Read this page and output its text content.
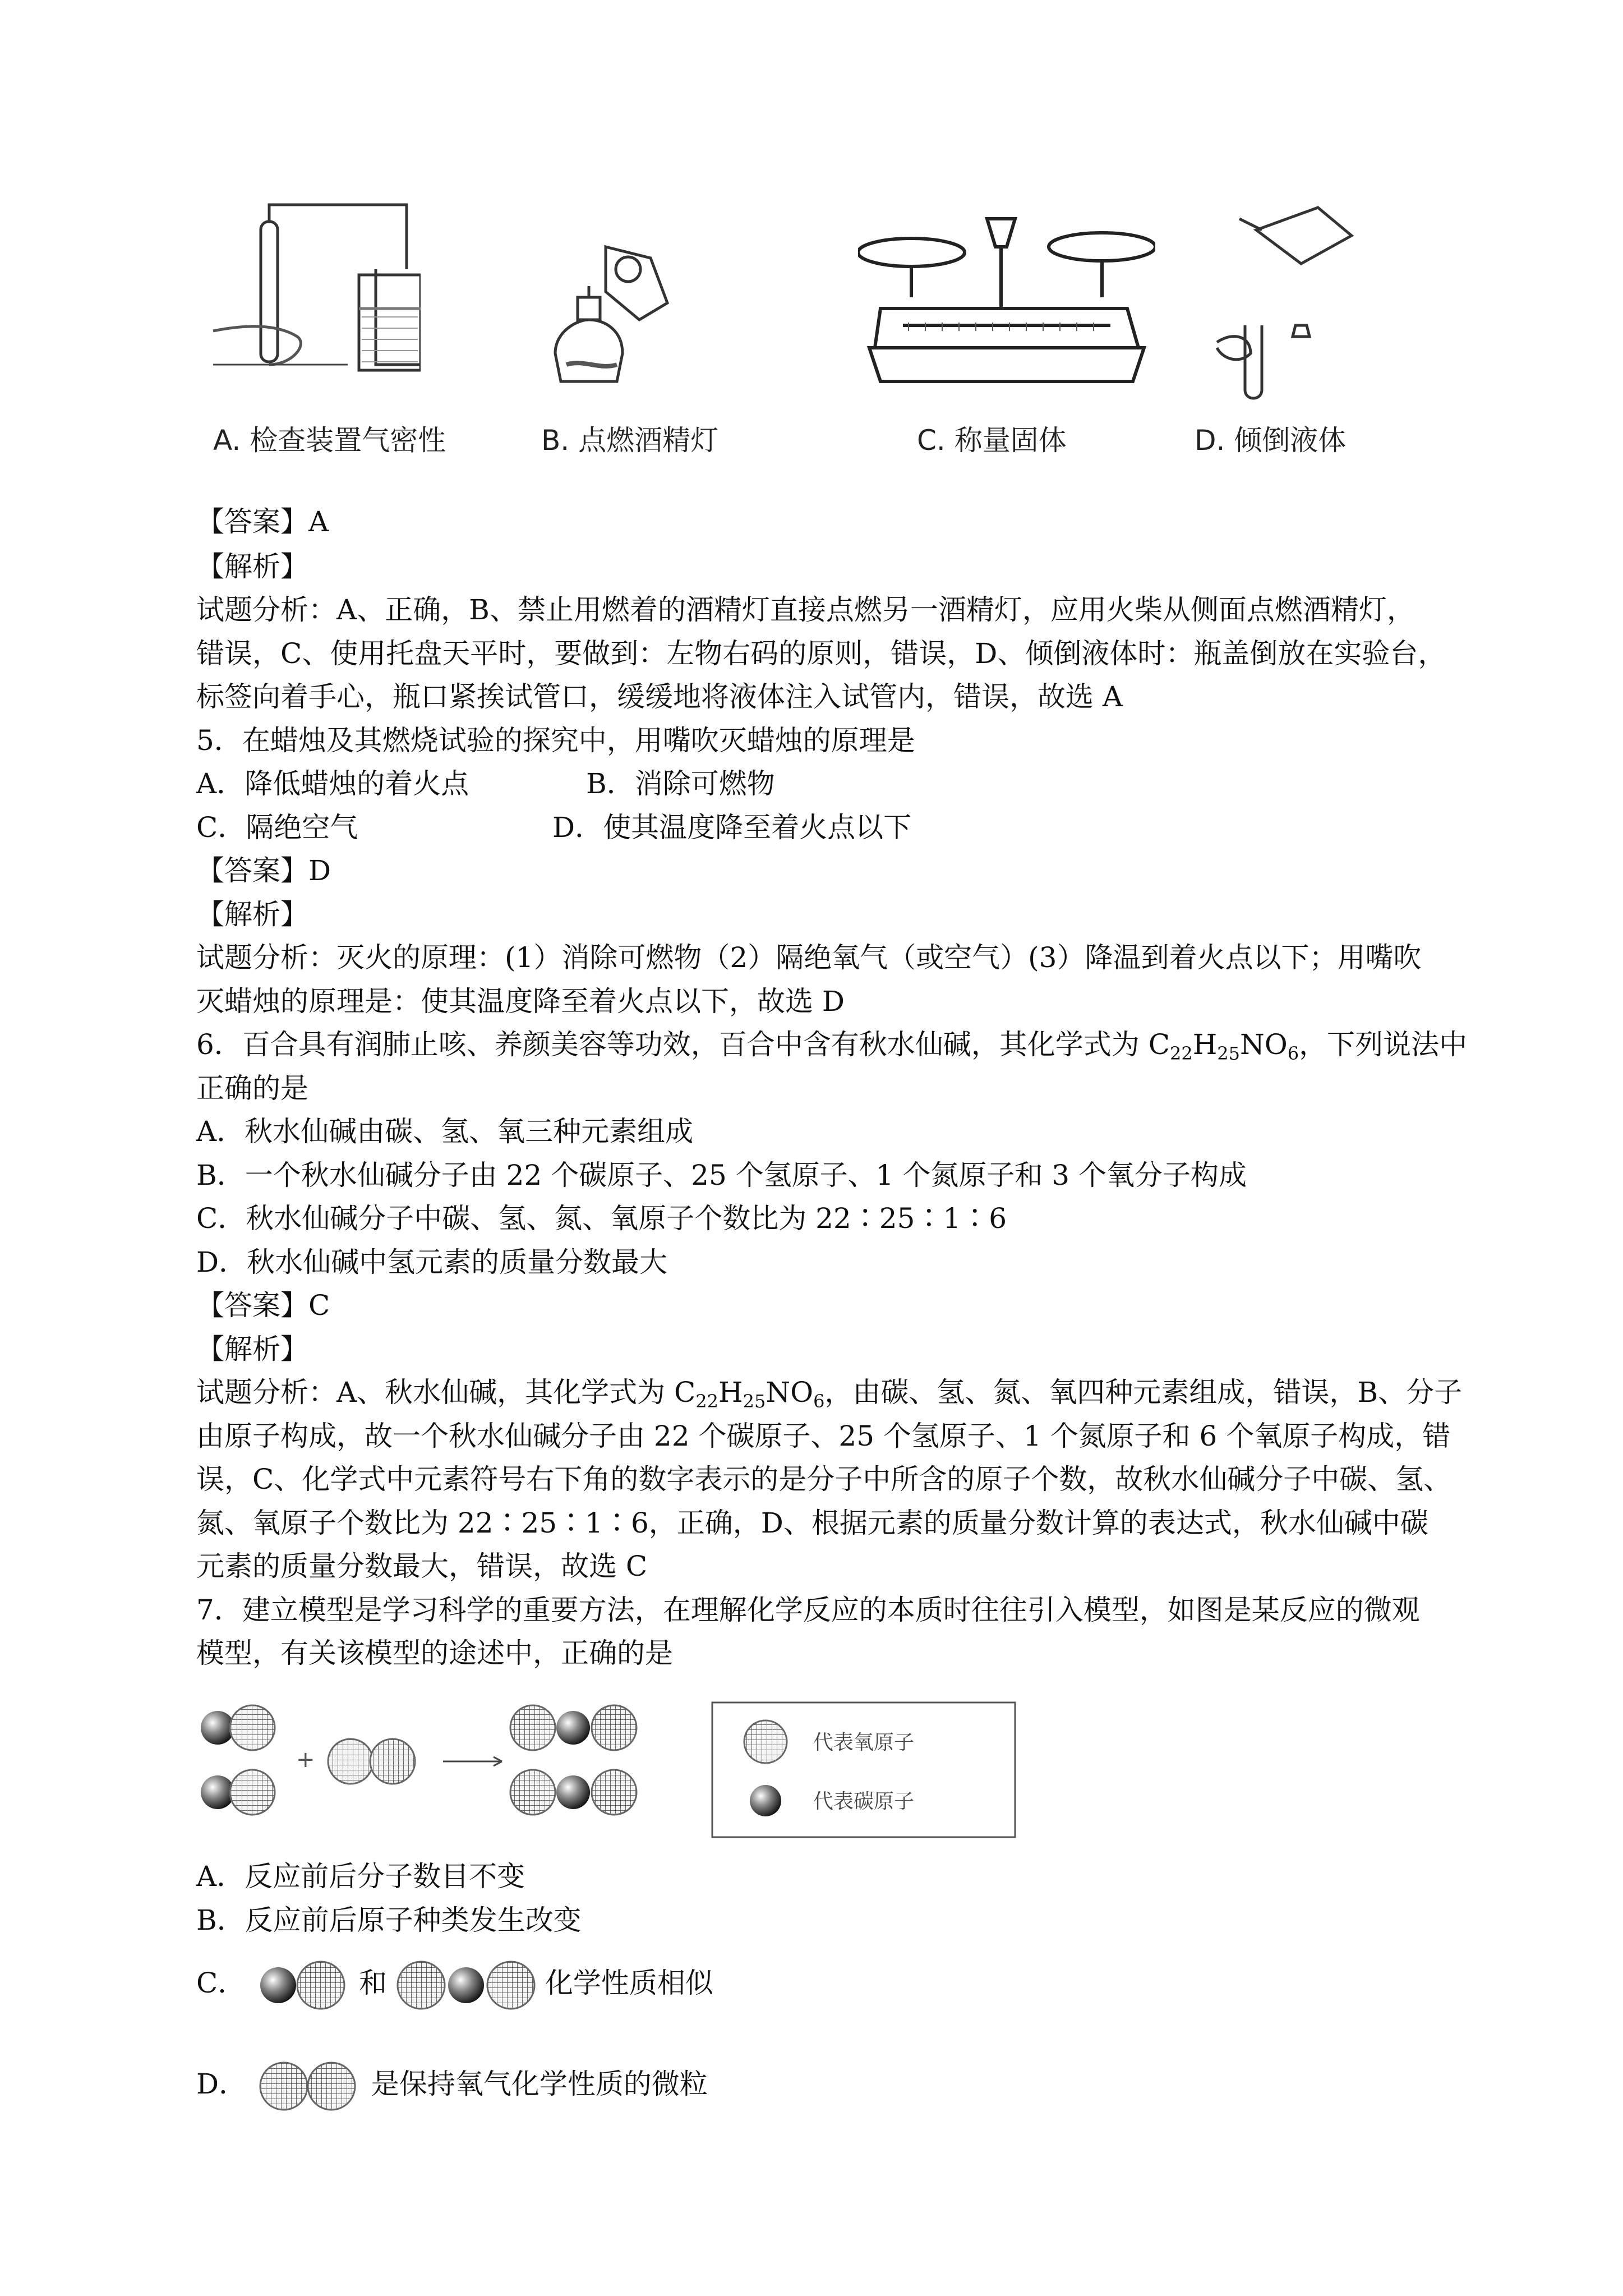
A. 检查装置气密性	B. 点燃酒精灯	C. 称量固体	D. 倾倒液体
【答案】A
【解析】
试题分析：A、正确，B、禁止用燃着的酒精灯直接点燃另一酒精灯，应用火柴从侧面点燃酒精灯，
错误，C、使用托盘天平时，要做到：左物右码的原则，错误，D、倾倒液体时：瓶盖倒放在实验台，
标签向着手心，瓶口紧挨试管口，缓缓地将液体注入试管内，错误，故选 A
5．在蜡烛及其燃烧试验的探究中，用嘴吹灭蜡烛的原理是
A．降低蜡烛的着火点	B．消除可燃物
C．隔绝空气	D．使其温度降至着火点以下
【答案】D
【解析】
试题分析：灭火的原理：(1）消除可燃物（2）隔绝氧气（或空气）(3）降温到着火点以下；用嘴吹
灭蜡烛的原理是：使其温度降至着火点以下，故选 D
6．百合具有润肺止咳、养颜美容等功效，百合中含有秋水仙碱，其化学式为 $C_{22}H_{25}NO_6$，下列说法中
正确的是
A．秋水仙碱由碳、氢、氧三种元素组成
B．一个秋水仙碱分子由 22 个碳原子、25 个氢原子、1 个氮原子和 3 个氧分子构成
C．秋水仙碱分子中碳、氢、氮、氧原子个数比为 22∶25∶1∶6
D．秋水仙碱中氢元素的质量分数最大
【答案】C
【解析】
试题分析：A、秋水仙碱，其化学式为 $C_{22}H_{25}NO_6$，由碳、氢、氮、氧四种元素组成，错误，B、分子
由原子构成，故一个秋水仙碱分子由 22 个碳原子、25 个氢原子、1 个氮原子和 6 个氧原子构成，错
误，C、化学式中元素符号右下角的数字表示的是分子中所含的原子个数，故秋水仙碱分子中碳、氢、
氮、氧原子个数比为 22∶25∶1∶6，正确，D、根据元素的质量分数计算的表达式，秋水仙碱中碳
元素的质量分数最大，错误，故选 C
7．建立模型是学习科学的重要方法，在理解化学反应的本质时往往引入模型，如图是某反应的微观
模型，有关该模型的途述中，正确的是
+
代表氧原子
代表碳原子
A．反应前后分子数目不变
B．反应前后原子种类发生改变
C．	和	化学性质相似
D．	是保持氧气化学性质的微粒
